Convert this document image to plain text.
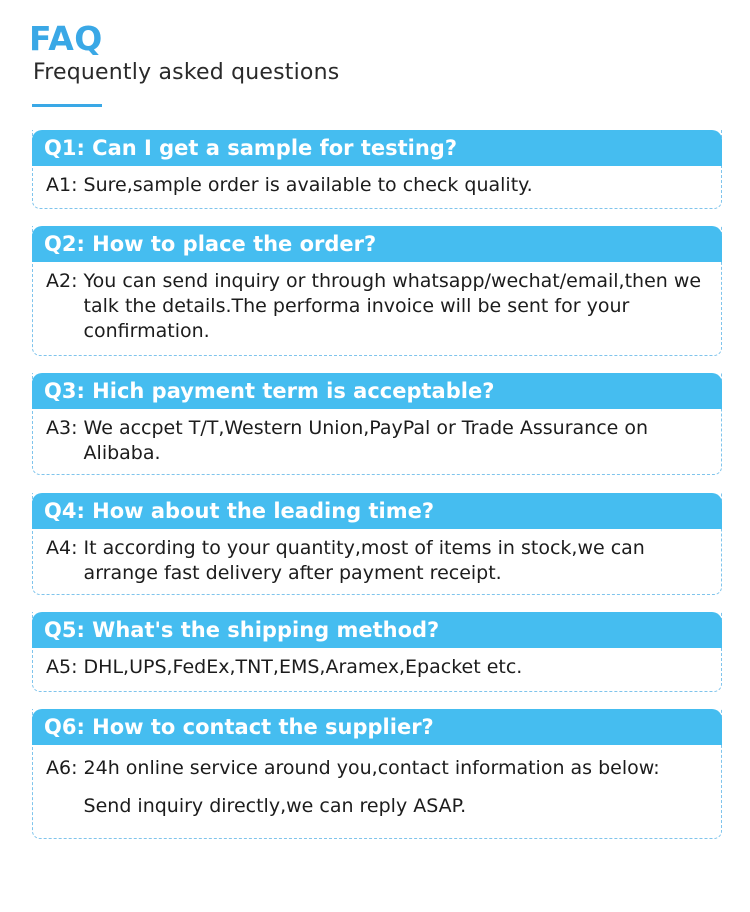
FAQ
Frequently asked questions
Q1: Can I get a sample for testing?
A1:
Sure,sample order is available to check quality.
Q2: How to place the order?
A2:
You can send inquiry or through whatsapp/wechat/email,then we talk the details.The performa invoice will be sent for your confirmation.
Q3: Hich payment term is acceptable?
A3:
We accpet T/T,Western Union,PayPal or Trade Assurance on Alibaba.
Q4: How about the leading time?
A4:
It according to your quantity,most of items in stock,we can arrange fast delivery after payment receipt.
Q5: What's the shipping method?
A5:
DHL,UPS,FedEx,TNT,EMS,Aramex,Epacket etc.
Q6: How to contact the supplier?
A6:
24h online service around you,contact information as below:
Send inquiry directly,we can reply ASAP.
